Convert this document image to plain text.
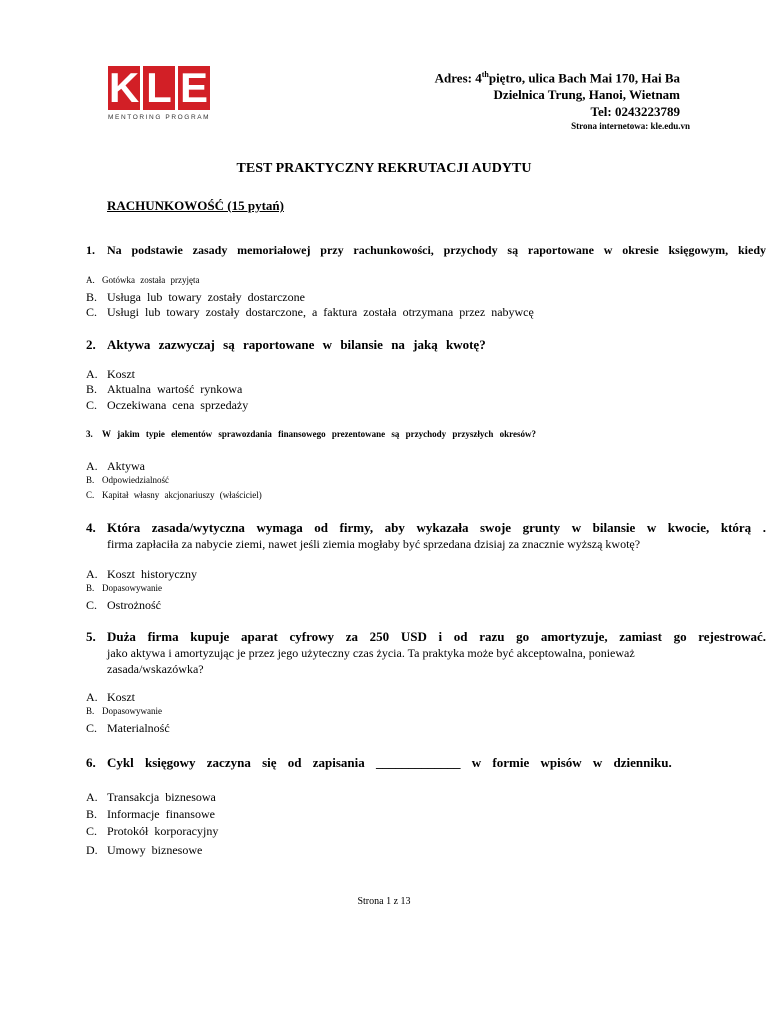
K L E
MENTORING PROGRAM
Adres: 4thpiętro, ulica Bach Mai 170, Hai Ba
Dzielnica Trung, Hanoi, Wietnam
Tel: 0243223789
Strona internetowa: kle.edu.vn
TEST PRAKTYCZNY REKRUTACJI AUDYTU
RACHUNKOWOŚĆ (15 pytań)
1. Na podstawie zasady memoriałowej przy rachunkowości, przychody są raportowane w okresie księgowym, kiedy
A. Gotówka została przyjęta
B. Usługa lub towary zostały dostarczone
C. Usługi lub towary zostały dostarczone, a faktura została otrzymana przez nabywcę
2. Aktywa zazwyczaj są raportowane w bilansie na jaką kwotę?
A. Koszt
B. Aktualna wartość rynkowa
C. Oczekiwana cena sprzedaży
3. W jakim typie elementów sprawozdania finansowego prezentowane są przychody przyszłych okresów?
A. Aktywa
B. Odpowiedzialność
C. Kapitał własny akcjonariuszy (właściciel)
4. Która zasada/wytyczna wymaga od firmy, aby wykazała swoje grunty w bilansie w kwocie, którą .
firma zapłaciła za nabycie ziemi, nawet jeśli ziemia mogłaby być sprzedana dzisiaj za znacznie wyższą kwotę?
A. Koszt historyczny
B. Dopasowywanie
C. Ostrożność
5. Duża firma kupuje aparat cyfrowy za 250 USD i od razu go amortyzuje, zamiast go rejestrować.
jako aktywa i amortyzując je przez jego użyteczny czas życia. Ta praktyka może być akceptowalna, ponieważ
zasada/wskazówka?
A. Koszt
B. Dopasowywanie
C. Materialność
6. Cykl księgowy zaczyna się od zapisania _____________ w formie wpisów w dzienniku.
A. Transakcja biznesowa
B. Informacje finansowe
C. Protokół korporacyjny
D. Umowy biznesowe
Strona 1 z 13
